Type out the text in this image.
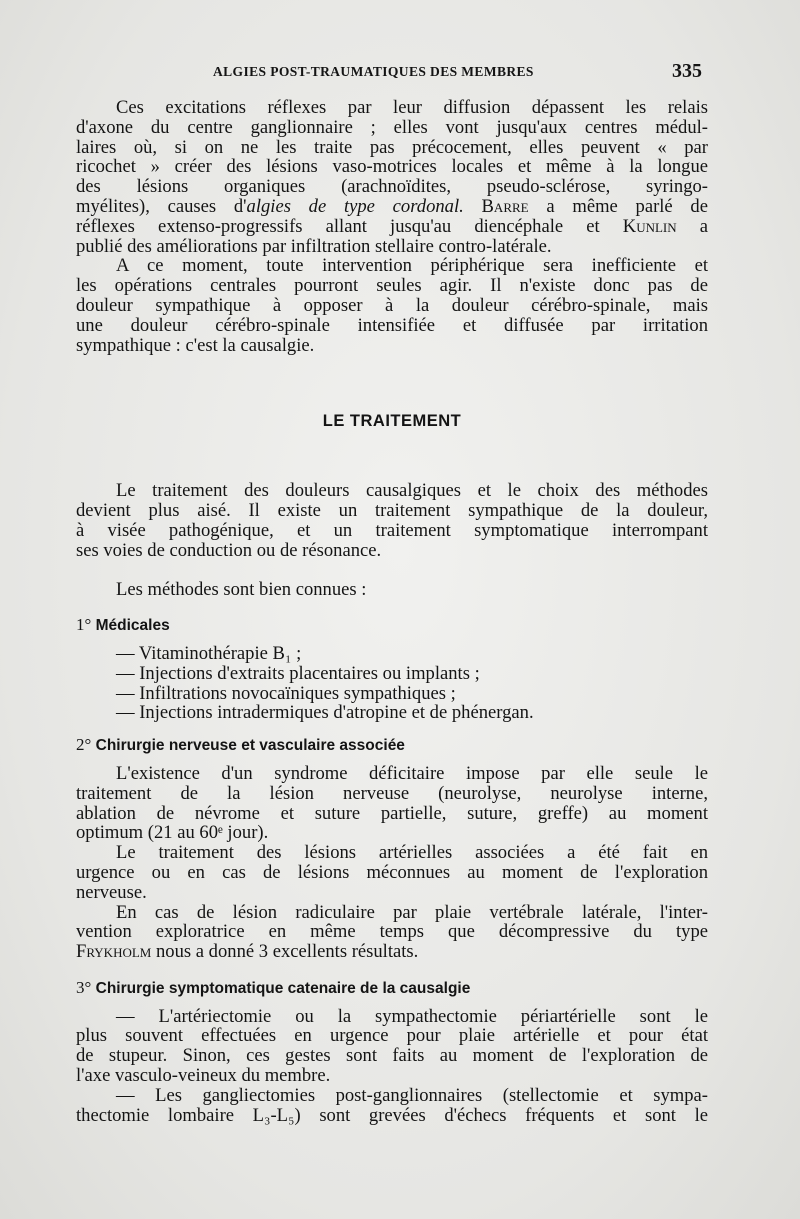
ALGIES POST-TRAUMATIQUES DES MEMBRES	335
Ces excitations réflexes par leur diffusion dépassent les relais
d'axone du centre ganglionnaire ; elles vont jusqu'aux centres médul-
laires où, si on ne les traite pas précocement, elles peuvent « par
ricochet » créer des lésions vaso-motrices locales et même à la longue
des lésions organiques (arachnoïdites, pseudo-sclérose, syringo-
myélites), causes d'algies de type cordonal. Barre a même parlé de
réflexes extenso-progressifs allant jusqu'au diencéphale et Kunlin a
publié des améliorations par infiltration stellaire contro-latérale.
A ce moment, toute intervention périphérique sera inefficiente et
les opérations centrales pourront seules agir. Il n'existe donc pas de
douleur sympathique à opposer à la douleur cérébro-spinale, mais
une douleur cérébro-spinale intensifiée et diffusée par irritation
sympathique : c'est la causalgie.
LE TRAITEMENT
Le traitement des douleurs causalgiques et le choix des méthodes
devient plus aisé. Il existe un traitement sympathique de la douleur,
à visée pathogénique, et un traitement symptomatique interrompant
ses voies de conduction ou de résonance.
Les méthodes sont bien connues :
1° Médicales
— Vitaminothérapie B₁ ;
— Injections d'extraits placentaires ou implants ;
— Infiltrations novocaïniques sympathiques ;
— Injections intradermiques d'atropine et de phénergan.
2° Chirurgie nerveuse et vasculaire associée
L'existence d'un syndrome déficitaire impose par elle seule le
traitement de la lésion nerveuse (neurolyse, neurolyse interne,
ablation de névrome et suture partielle, suture, greffe) au moment
optimum (21 au 60ᵉ jour).
Le traitement des lésions artérielles associées a été fait en
urgence ou en cas de lésions méconnues au moment de l'exploration
nerveuse.
En cas de lésion radiculaire par plaie vertébrale latérale, l'inter-
vention exploratrice en même temps que décompressive du type
Frykholm nous a donné 3 excellents résultats.
3° Chirurgie symptomatique catenaire de la causalgie
— L'artériectomie ou la sympathectomie périartérielle sont le
plus souvent effectuées en urgence pour plaie artérielle et pour état
de stupeur. Sinon, ces gestes sont faits au moment de l'exploration de
l'axe vasculo-veineux du membre.
— Les gangliectomies post-ganglionnaires (stellectomie et sympa-
thectomie lombaire L₃-L₅) sont grevées d'échecs fréquents et sont le
